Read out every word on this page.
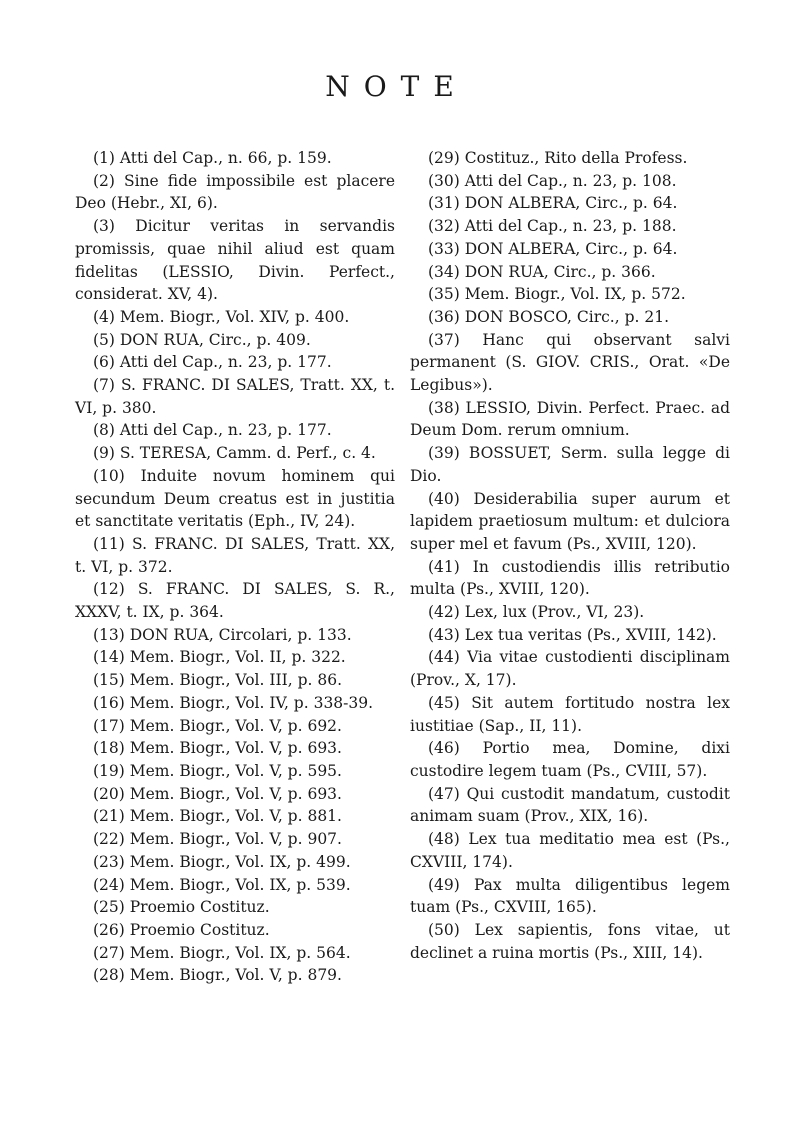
NOTE

(1) Atti del Cap., n. 66, p. 159.

(2) Sine fide impossibile est placere Deo (Hebr., XI, 6).

(3) Dicitur veritas in servandis promissis, quae nihil aliud est quam fidelitas (LESSIO, Divin. Perfect., considerat. XV, 4).

(4) Mem. Biogr., Vol. XIV, p. 400.

(5) DON RUA, Circ., p. 409.

(6) Atti del Cap., n. 23, p. 177.

(7) S. FRANC. DI SALES, Tratt. XX, t. VI, p. 380.

(8) Atti del Cap., n. 23, p. 177.

(9) S. TERESA, Camm. d. Perf., c. 4.

(10) Induite novum hominem qui secundum Deum creatus est in justitia et sanctitate veritatis (Eph., IV, 24).

(11) S. FRANC. DI SALES, Tratt. XX, t. VI, p. 372.

(12) S. FRANC. DI SALES, S. R., XXXV, t. IX, p. 364.

(13) DON RUA, Circolari, p. 133.

(14) Mem. Biogr., Vol. II, p. 322.

(15) Mem. Biogr., Vol. III, p. 86.

(16) Mem. Biogr., Vol. IV, p. 338-39.

(17) Mem. Biogr., Vol. V, p. 692.

(18) Mem. Biogr., Vol. V, p. 693.

(19) Mem. Biogr., Vol. V, p. 595.

(20) Mem. Biogr., Vol. V, p. 693.

(21) Mem. Biogr., Vol. V, p. 881.

(22) Mem. Biogr., Vol. V, p. 907.

(23) Mem. Biogr., Vol. IX, p. 499.

(24) Mem. Biogr., Vol. IX, p. 539.

(25) Proemio Costituz.

(26) Proemio Costituz.

(27) Mem. Biogr., Vol. IX, p. 564.

(28) Mem. Biogr., Vol. V, p. 879.

(29) Costituz., Rito della Profess.

(30) Atti del Cap., n. 23, p. 108.

(31) DON ALBERA, Circ., p. 64.

(32) Atti del Cap., n. 23, p. 188.

(33) DON ALBERA, Circ., p. 64.

(34) DON RUA, Circ., p. 366.

(35) Mem. Biogr., Vol. IX, p. 572.

(36) DON BOSCO, Circ., p. 21.

(37) Hanc qui observant salvi permanent (S. GIOV. CRIS., Orat. «De Legibus»).

(38) LESSIO, Divin. Perfect. Praec. ad Deum Dom. rerum omnium.

(39) BOSSUET, Serm. sulla legge di Dio.

(40) Desiderabilia super aurum et lapidem praetiosum multum: et dulciora super mel et favum (Ps., XVIII, 120).

(41) In custodiendis illis retributio multa (Ps., XVIII, 120).

(42) Lex, lux (Prov., VI, 23).

(43) Lex tua veritas (Ps., XVIII, 142).

(44) Via vitae custodienti disciplinam (Prov., X, 17).

(45) Sit autem fortitudo nostra lex iustitiae (Sap., II, 11).

(46) Portio mea, Domine, dixi custodire legem tuam (Ps., CVIII, 57).

(47) Qui custodit mandatum, custodit animam suam (Prov., XIX, 16).

(48) Lex tua meditatio mea est (Ps., CXVIII, 174).

(49) Pax multa diligentibus legem tuam (Ps., CXVIII, 165).

(50) Lex sapientis, fons vitae, ut declinet a ruina mortis (Ps., XIII, 14).
